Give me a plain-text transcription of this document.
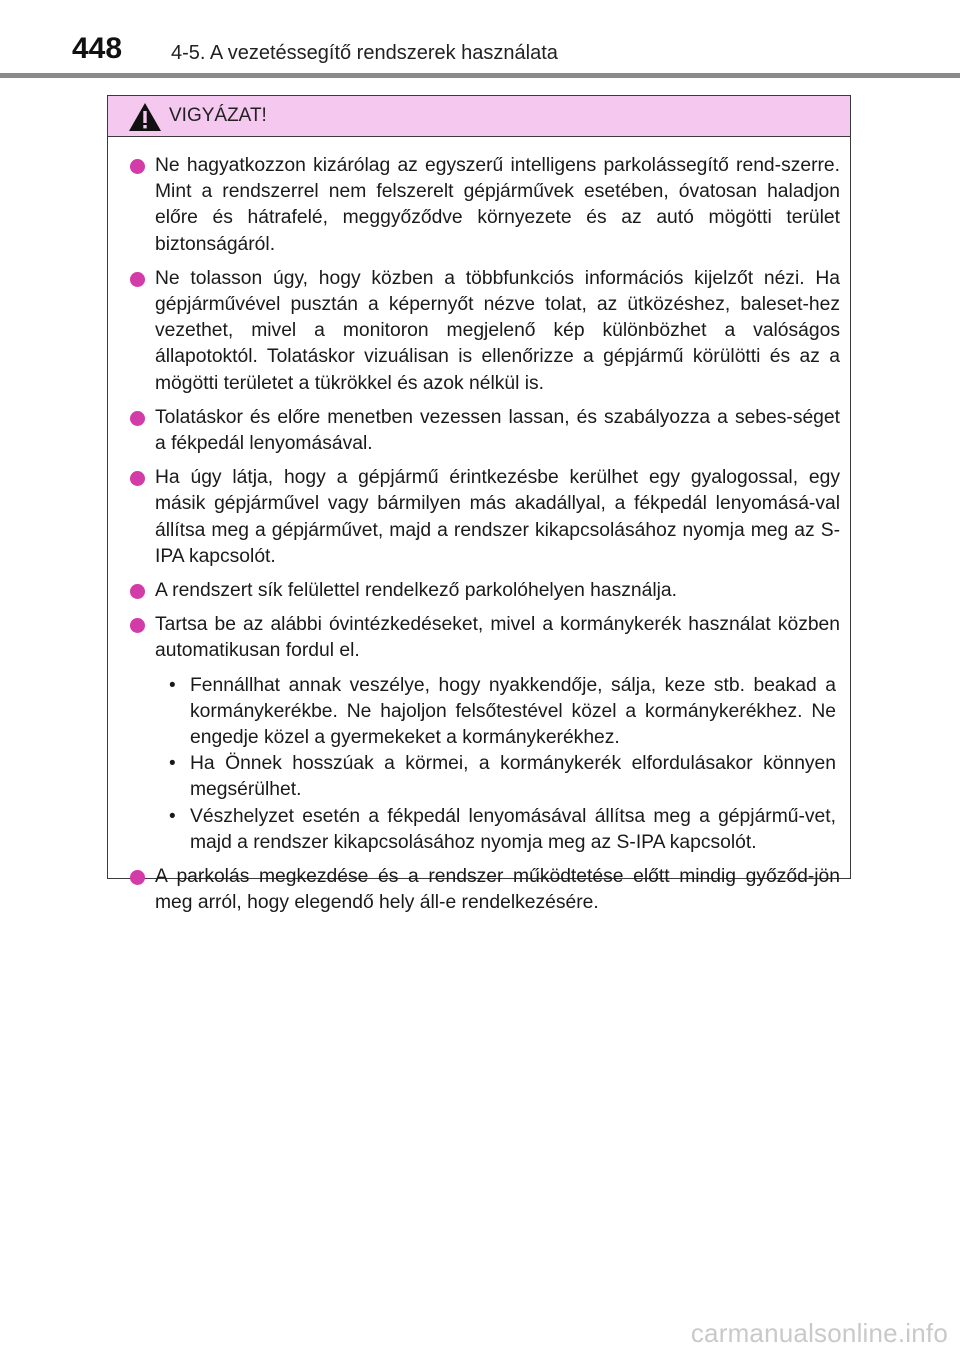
448 4-5. A vezetéssegítő rendszerek használata
VIGYÁZAT!
Ne hagyatkozzon kizárólag az egyszerű intelligens parkolássegítő rend-szerre. Mint a rendszerrel nem felszerelt gépjárművek esetében, óvatosan haladjon előre és hátrafelé, meggyőződve környezete és az autó mögötti terület biztonságáról.
Ne tolasson úgy, hogy közben a többfunkciós információs kijelzőt nézi. Ha gépjárművével pusztán a képernyőt nézve tolat, az ütközéshez, baleset-hez vezethet, mivel a monitoron megjelenő kép különbözhet a valóságos állapotoktól. Tolatáskor vizuálisan is ellenőrizze a gépjármű körülötti és az a mögötti területet a tükrökkel és azok nélkül is.
Tolatáskor és előre menetben vezessen lassan, és szabályozza a sebes-séget a fékpedál lenyomásával.
Ha úgy látja, hogy a gépjármű érintkezésbe kerülhet egy gyalogossal, egy másik gépjárművel vagy bármilyen más akadállyal, a fékpedál lenyomásá-val állítsa meg a gépjárművet, majd a rendszer kikapcsolásához nyomja meg az S-IPA kapcsolót.
A rendszert sík felülettel rendelkező parkolóhelyen használja.
Tartsa be az alábbi óvintézkedéseket, mivel a kormánykerék használat közben automatikusan fordul el.
• Fennállhat annak veszélye, hogy nyakkendője, sálja, keze stb. beakad a kormánykerékbe. Ne hajoljon felsőtestével közel a kormánykerékhez. Ne engedje közel a gyermekeket a kormánykerékhez.
• Ha Önnek hosszúak a körmei, a kormánykerék elfordulásakor könnyen megsérülhet.
• Vészhelyzet esetén a fékpedál lenyomásával állítsa meg a gépjármű-vet, majd a rendszer kikapcsolásához nyomja meg az S-IPA kapcsolót.
A parkolás megkezdése és a rendszer működtetése előtt mindig győződ-jön meg arról, hogy elegendő hely áll-e rendelkezésére.
carmanualsonline.info
